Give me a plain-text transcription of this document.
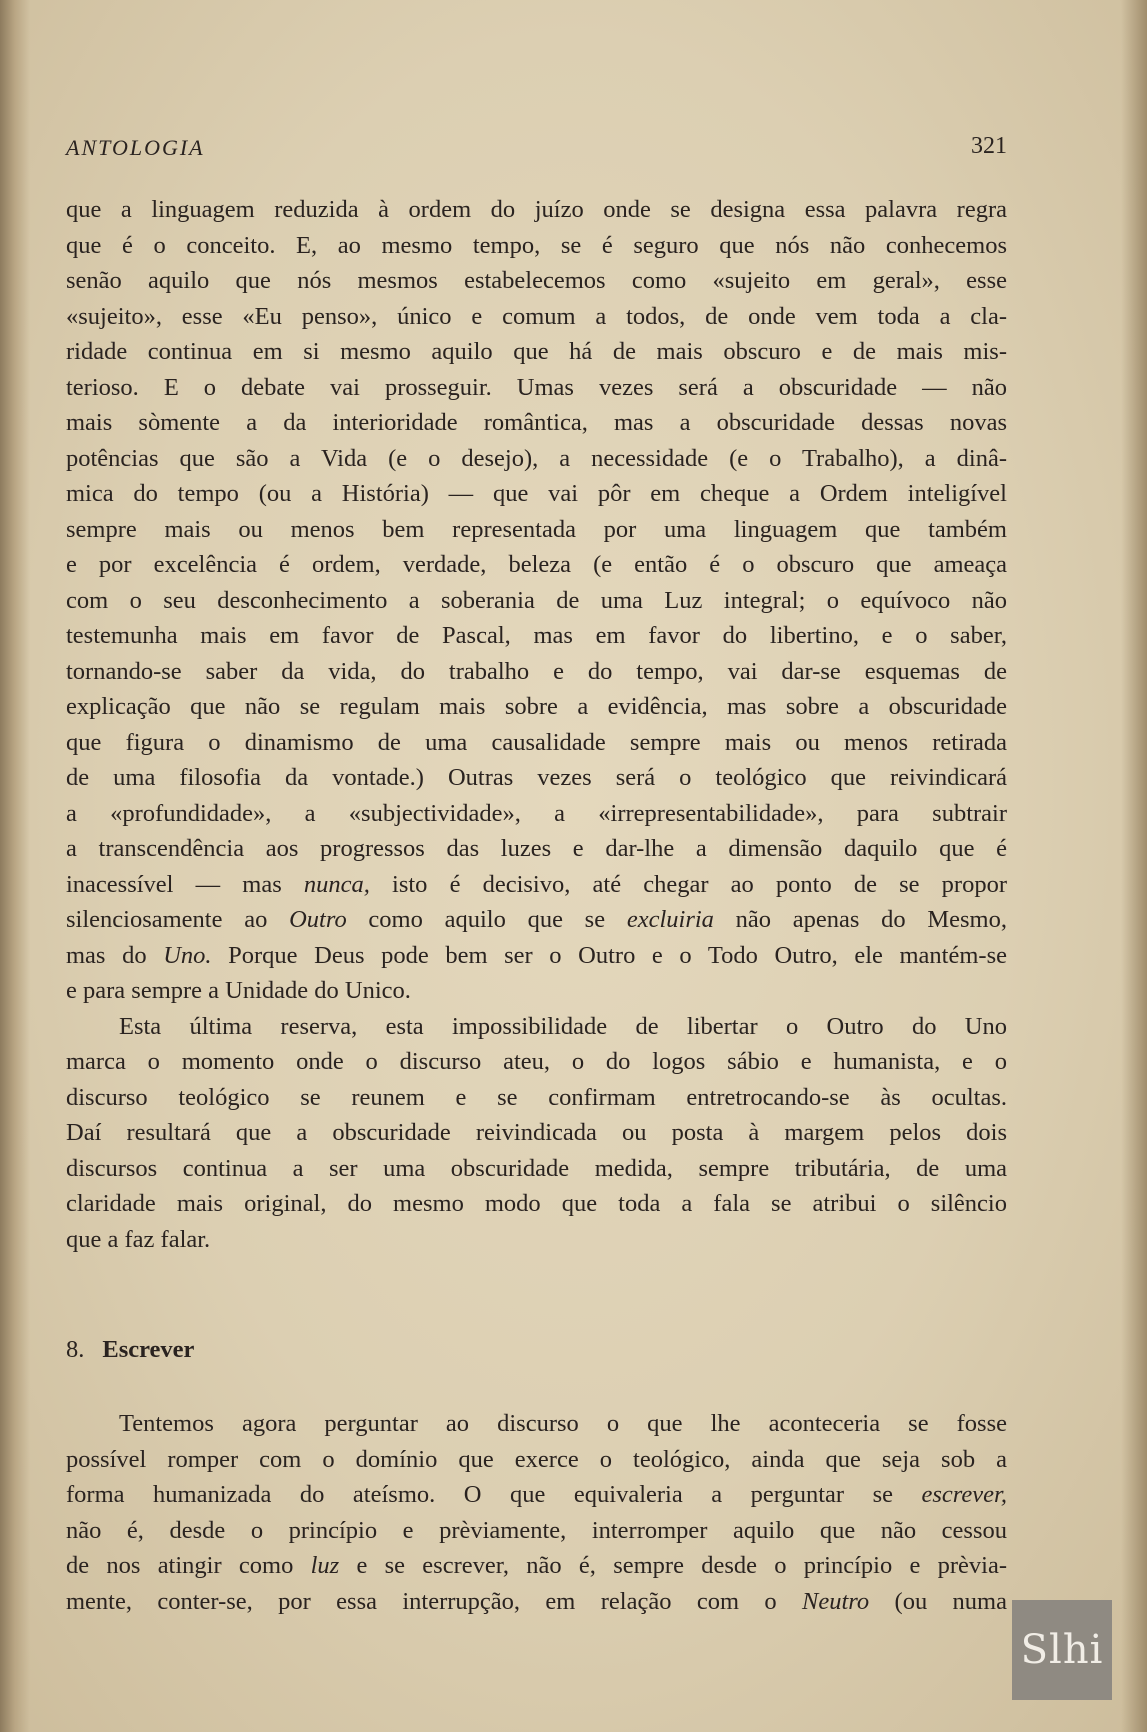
ANTOLOGIA	321
que a linguagem reduzida à ordem do juízo onde se designa essa palavra regra
que é o conceito. E, ao mesmo tempo, se é seguro que nós não conhecemos
senão aquilo que nós mesmos estabelecemos como «sujeito em geral», esse
«sujeito», esse «Eu penso», único e comum a todos, de onde vem toda a cla-
ridade continua em si mesmo aquilo que há de mais obscuro e de mais mis-
terioso. E o debate vai prosseguir. Umas vezes será a obscuridade — não
mais sòmente a da interioridade romântica, mas a obscuridade dessas novas
potências que são a Vida (e o desejo), a necessidade (e o Trabalho), a dinâ-
mica do tempo (ou a História) — que vai pôr em cheque a Ordem inteligível
sempre mais ou menos bem representada por uma linguagem que também
e por excelência é ordem, verdade, beleza (e então é o obscuro que ameaça
com o seu desconhecimento a soberania de uma Luz integral; o equívoco não
testemunha mais em favor de Pascal, mas em favor do libertino, e o saber,
tornando-se saber da vida, do trabalho e do tempo, vai dar-se esquemas de
explicação que não se regulam mais sobre a evidência, mas sobre a obscuridade
que figura o dinamismo de uma causalidade sempre mais ou menos retirada
de uma filosofia da vontade.) Outras vezes será o teológico que reivindicará
a «profundidade», a «subjectividade», a «irrepresentabilidade», para subtrair
a transcendência aos progressos das luzes e dar-lhe a dimensão daquilo que é
inacessível — mas nunca, isto é decisivo, até chegar ao ponto de se propor
silenciosamente ao Outro como aquilo que se excluiria não apenas do Mesmo,
mas do Uno. Porque Deus pode bem ser o Outro e o Todo Outro, ele mantém-se
e para sempre a Unidade do Unico.
Esta última reserva, esta impossibilidade de libertar o Outro do Uno
marca o momento onde o discurso ateu, o do logos sábio e humanista, e o
discurso teológico se reunem e se confirmam entretrocando-se às ocultas.
Daí resultará que a obscuridade reivindicada ou posta à margem pelos dois
discursos continua a ser uma obscuridade medida, sempre tributária, de uma
claridade mais original, do mesmo modo que toda a fala se atribui o silêncio
que a faz falar.
8. Escrever
Tentemos agora perguntar ao discurso o que lhe aconteceria se fosse
possível romper com o domínio que exerce o teológico, ainda que seja sob a
forma humanizada do ateísmo. O que equivaleria a perguntar se escrever,
não é, desde o princípio e prèviamente, interromper aquilo que não cessou
de nos atingir como luz e se escrever, não é, sempre desde o princípio e prèvia-
mente, conter-se, por essa interrupção, em relação com o Neutro (ou numa
Slhi
